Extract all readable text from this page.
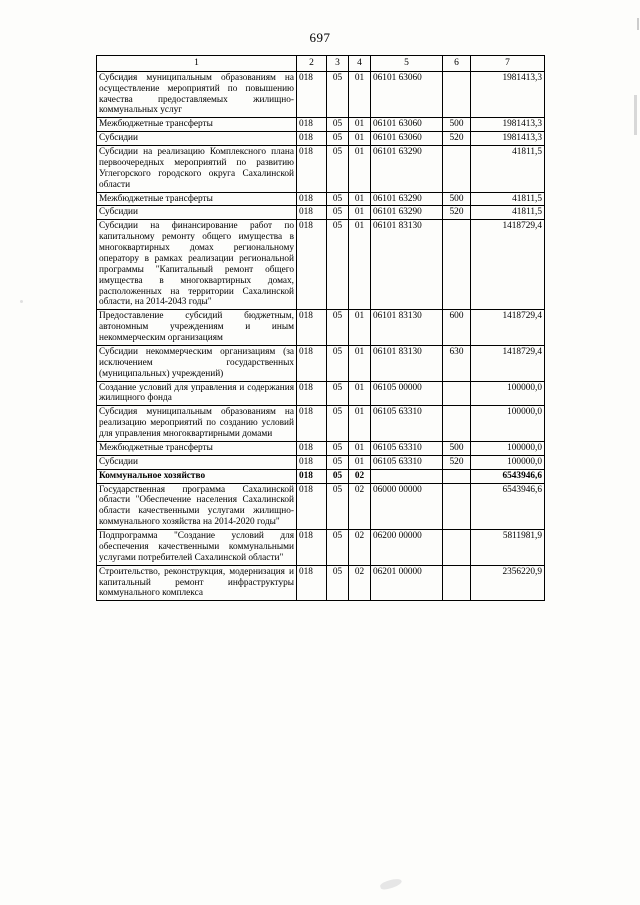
697
1	2	3	4	5	6	7
Субсидия муниципальным образованиям на осуществление мероприятий по повышению качества предоставляемых жилищно-коммунальных услуг	018	05	01	06101 63060		1981413,3
Межбюджетные трансферты	018	05	01	06101 63060	500	1981413,3
Субсидии	018	05	01	06101 63060	520	1981413,3
Субсидии на реализацию Комплексного плана первоочередных мероприятий по развитию Углегорского городского округа Сахалинской области	018	05	01	06101 63290		41811,5
Межбюджетные трансферты	018	05	01	06101 63290	500	41811,5
Субсидии	018	05	01	06101 63290	520	41811,5
Субсидии на финансирование работ по капитальному ремонту общего имущества в многоквартирных домах региональному оператору в рамках реализации региональной программы "Капитальный ремонт общего имущества в многоквартирных домах, расположенных на территории Сахалинской области, на 2014-2043 годы"	018	05	01	06101 83130		1418729,4
Предоставление субсидий бюджетным, автономным учреждениям и иным некоммерческим организациям	018	05	01	06101 83130	600	1418729,4
Субсидии некоммерческим организациям (за исключением государственных (муниципальных) учреждений)	018	05	01	06101 83130	630	1418729,4
Создание условий для управления и содержания жилищного фонда	018	05	01	06105 00000		100000,0
Субсидия муниципальным образованиям на реализацию мероприятий по созданию условий для управления многоквартирными домами	018	05	01	06105 63310		100000,0
Межбюджетные трансферты	018	05	01	06105 63310	500	100000,0
Субсидии	018	05	01	06105 63310	520	100000,0
Коммунальное хозяйство	018	05	02			6543946,6
Государственная программа Сахалинской области "Обеспечение населения Сахалинской области качественными услугами жилищно-коммунального хозяйства на 2014-2020 годы"	018	05	02	06000 00000		6543946,6
Подпрограмма "Создание условий для обеспечения качественными коммунальными услугами потребителей Сахалинской области"	018	05	02	06200 00000		5811981,9
Строительство, реконструкция, модернизация и капитальный ремонт инфраструктуры коммунального комплекса	018	05	02	06201 00000		2356220,9
